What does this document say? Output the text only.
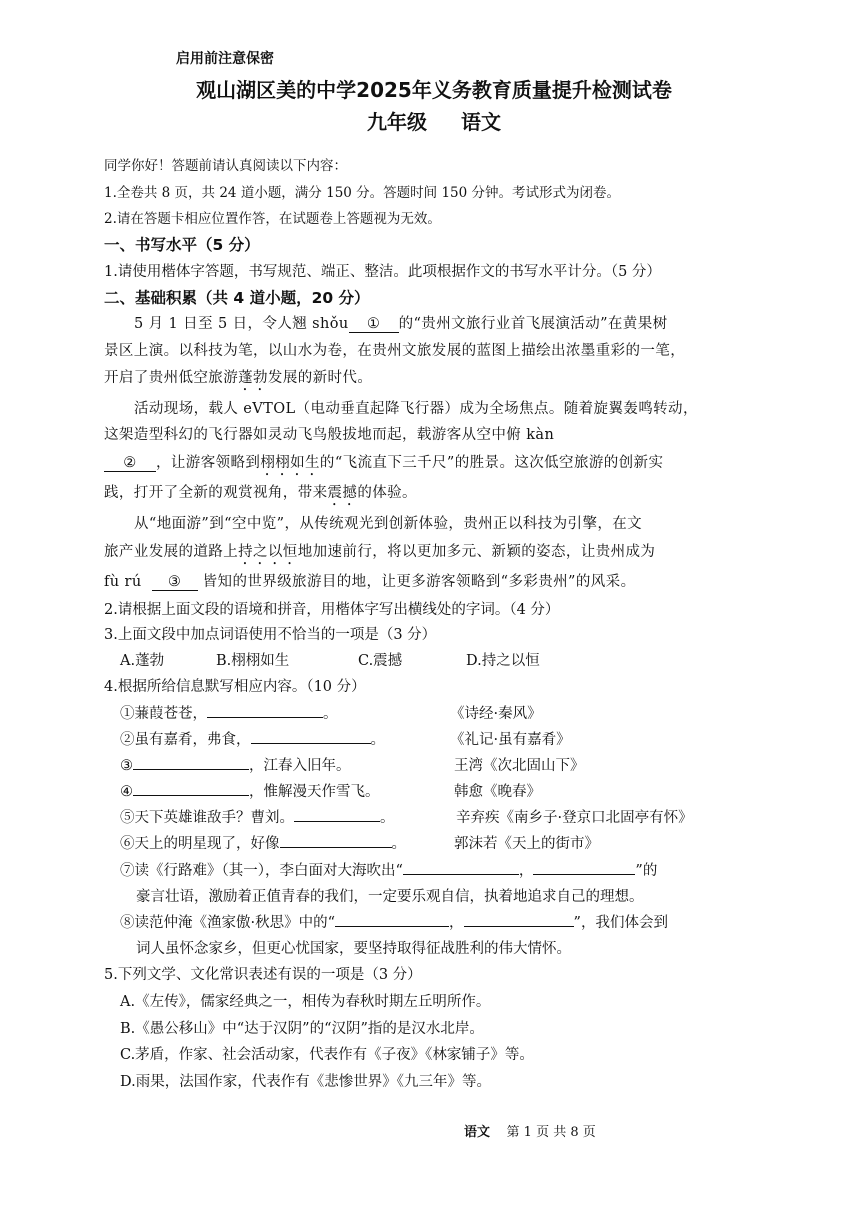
启用前注意保密
观山湖区美的中学2025年义务教育质量提升检测试卷
九年级 语文
同学你好！答题前请认真阅读以下内容：
1.全卷共 8 页，共 24 道小题，满分 150 分。答题时间 150 分钟。考试形式为闭卷。
2.请在答题卡相应位置作答，在试题卷上答题视为无效。
一、书写水平（5 分）
1.请使用楷体字答题，书写规范、端正、整洁。此项根据作文的书写水平计分。（5 分）
二、基础积累（共 4 道小题，20 分）
5 月 1 日至 5 日，令人翘 shǒu ① 的“贵州文旅行业首飞展演活动”在黄果树
景区上演。以科技为笔，以山水为卷，在贵州文旅发展的蓝图上描绘出浓墨重彩的一笔，
开启了贵州低空旅游蓬勃发展的新时代。
活动现场，载人 eVTOL（电动垂直起降飞行器）成为全场焦点。随着旋翼轰鸣转动，
这架造型科幻的飞行器如灵动飞鸟般拔地而起，载游客从空中俯 kàn
② ，让游客领略到栩栩如生的“飞流直下三千尺”的胜景。这次低空旅游的创新实
践，打开了全新的观赏视角，带来震撼的体验。
从“地面游”到“空中览”，从传统观光到创新体验，贵州正以科技为引擎，在文
旅产业发展的道路上持之以恒地加速前行，将以更加多元、新颖的姿态，让贵州成为
fù rú ③ 皆知的世界级旅游目的地，让更多游客领略到“多彩贵州”的风采。
2.请根据上面文段的语境和拼音，用楷体字写出横线处的字词。（4 分）
3.上面文段中加点词语使用不恰当的一项是（3 分）
A.蓬勃	B.栩栩如生	C.震撼	D.持之以恒
4.根据所给信息默写相应内容。（10 分）
①蒹葭苍苍，	。	《诗经·秦风》
②虽有嘉肴，弗食，	。	《礼记·虽有嘉肴》
③	，江春入旧年。	王湾《次北固山下》
④	，惟解漫天作雪飞。	韩愈《晚春》
⑤天下英雄谁敌手？曹刘。	。	辛弃疾《南乡子·登京口北固亭有怀》
⑥天上的明星现了，好像	。	郭沫若《天上的街市》
⑦读《行路难》（其一），李白面对大海吹出“	，	”的
豪言壮语，激励着正值青春的我们，一定要乐观自信，执着地追求自己的理想。
⑧读范仲淹《渔家傲·秋思》中的“	，	”，我们体会到
词人虽怀念家乡，但更心忧国家，要坚持取得征战胜利的伟大情怀。
5.下列文学、文化常识表述有误的一项是（3 分）
A.《左传》，儒家经典之一，相传为春秋时期左丘明所作。
B.《愚公移山》中“达于汉阴”的“汉阴”指的是汉水北岸。
C.茅盾，作家、社会活动家，代表作有《子夜》《林家铺子》等。
D.雨果，法国作家，代表作有《悲惨世界》《九三年》等。
语文 第 1 页 共 8 页
